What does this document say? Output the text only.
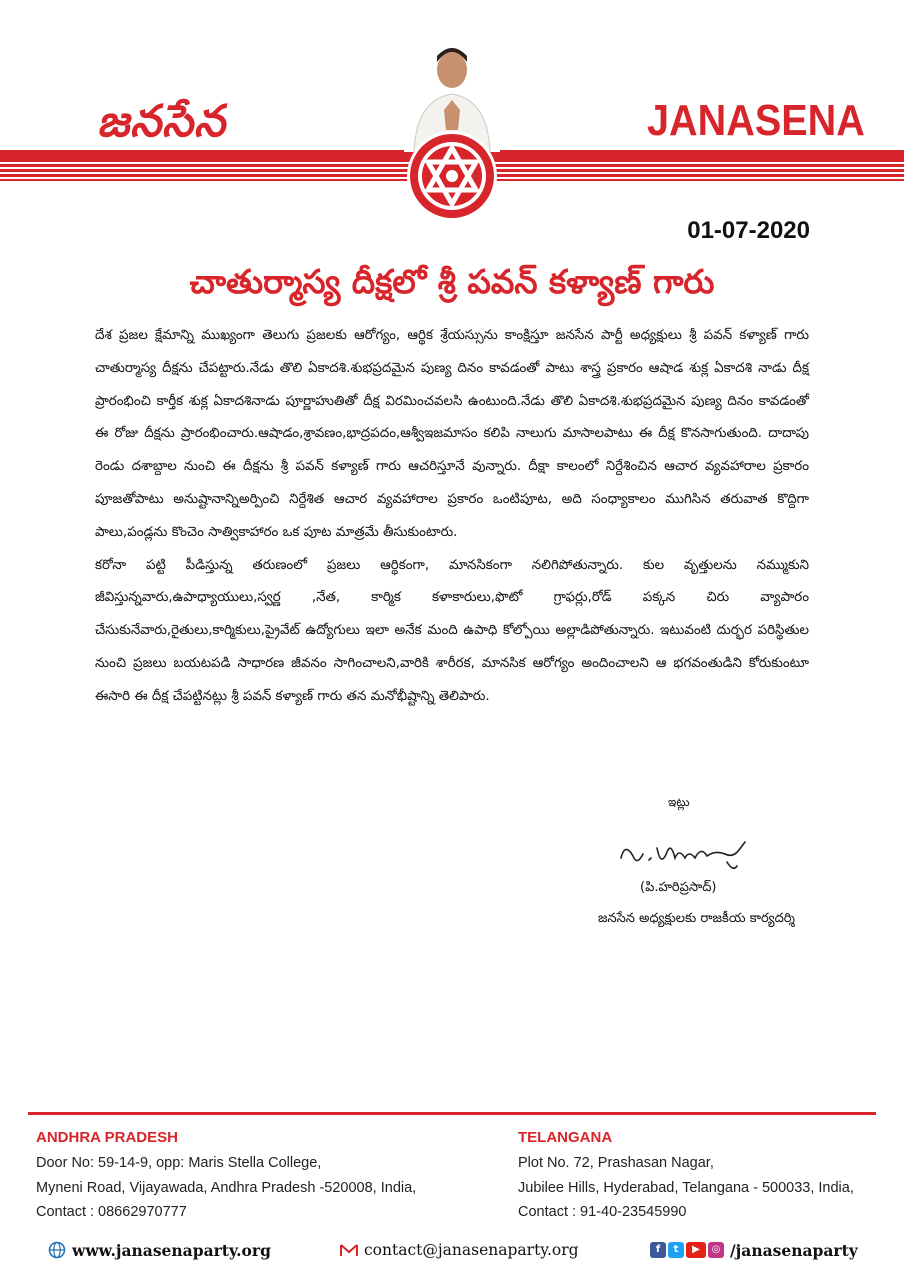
జనసేన	JANASENA
01-07-2020
చాతుర్మాస్య దీక్షలో శ్రీ పవన్ కళ్యాణ్ గారు

దేశ ప్రజల క్షేమాన్ని ముఖ్యంగా తెలుగు ప్రజలకు ఆరోగ్యం, ఆర్థిక శ్రేయస్సును కాంక్షిస్తూ జనసేన పార్టీ అధ్యక్షులు శ్రీ పవన్ కళ్యాణ్ గారు చాతుర్మాస్య దీక్షను చేపట్టారు.నేడు తొలి ఏకాదశి.శుభప్రదమైన పుణ్య దినం కావడంతో పాటు శాస్త్ర ప్రకారం ఆషాడ శుక్ల ఏకాదశి నాడు దీక్ష ప్రారంభించి కార్తీక శుక్ల ఏకాదశినాడు పూర్ణాహుతితో దీక్ష విరమించవలసి ఉంటుంది.నేడు తొలి ఏకాదశి.శుభప్రదమైన పుణ్య దినం కావడంతో ఈ రోజు దీక్షను ప్రారంభించారు.ఆషాడం,శ్రావణం,భాద్రపదం,ఆశ్వీఇజమాసం కలిపి నాలుగు మాసాలపాటు ఈ దీక్ష కొనసాగుతుంది. దాదాపు రెండు దశాబ్దాల నుంచి ఈ దీక్షను శ్రీ పవన్ కళ్యాణ్ గారు ఆచరిస్తూనే వున్నారు. దీక్షా కాలంలో నిర్దేశించిన ఆచార వ్యవహారాల ప్రకారం పూజతోపాటు అనుష్టానాన్నిఅర్పించి నిర్దేశిత ఆచార వ్యవహారాల ప్రకారం ఒంటిపూట, అది సంధ్యాకాలం ముగిసిన తరువాత కొద్దిగా పాలు,పండ్లను కొంచెం సాత్వికాహారం ఒక పూట మాత్రమే తీసుకుంటారు.

కరోనా పట్టి పీడిస్తున్న తరుణంలో ప్రజలు ఆర్థికంగా, మానసికంగా నలిగిపోతున్నారు. కుల వృత్తులను నమ్ముకుని జీవిస్తున్నవారు,ఉపాధ్యాయులు,స్వర్ణ ,నేత, కార్మిక కళాకారులు,ఫొటో గ్రాఫర్లు,రోడ్ పక్కన చిరు వ్యాపారం చేసుకునేవారు,రైతులు,కార్మికులు,ప్రైవేట్ ఉద్యోగులు ఇలా అనేక మంది ఉపాధి కోల్పోయి అల్లాడిపోతున్నారు. ఇటువంటి దుర్భర పరిస్థితుల నుంచి ప్రజలు బయటపడి సాధారణ జీవనం సాగించాలని,వారికి శారీరక, మానసిక ఆరోగ్యం అందించాలని ఆ భగవంతుడిని కోరుకుంటూ ఈసారి ఈ దీక్ష చేపట్టినట్లు శ్రీ పవన్ కళ్యాణ్ గారు తన మనోభీష్టాన్ని తెలిపారు.

ఇట్లు
(పి.హరిప్రసాద్)
జనసేన అధ్యక్షులకు రాజకీయ కార్యదర్శి
ANDHRA PRADESH
Door No: 59-14-9, opp: Maris Stella College,
Myneni Road, Vijayawada, Andhra Pradesh -520008, India,
Contact : 08662970777
TELANGANA
Plot No. 72, Prashasan Nagar,
Jubilee Hills, Hyderabad, Telangana - 500033, India,
Contact : 91-40-23545990
www.janasenaparty.org	contact@janasenaparty.org	f	t	▶	◎ /janasenaparty
